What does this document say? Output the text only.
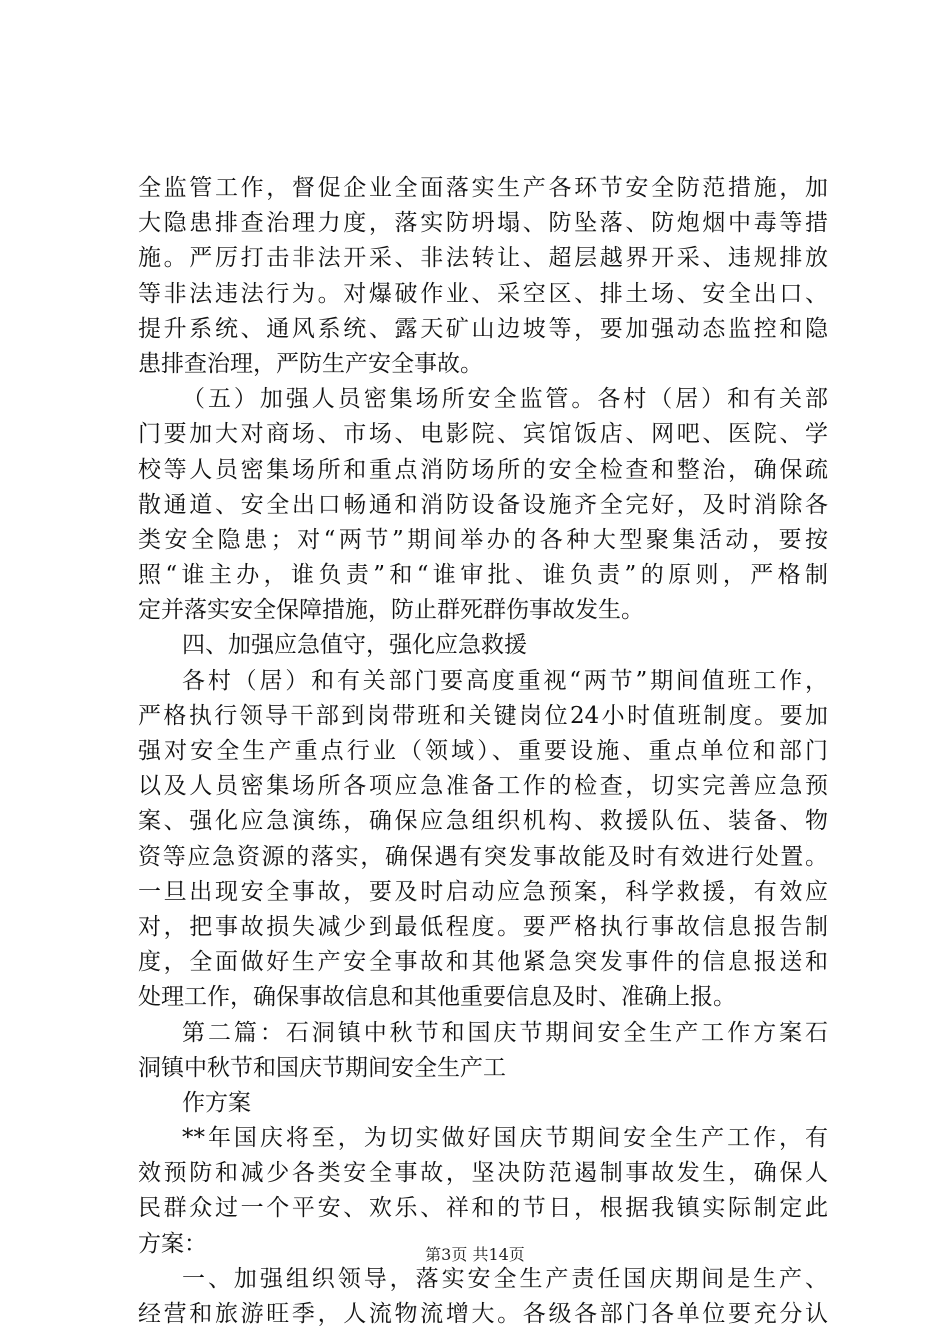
全监管工作，督促企业全面落实生产各环节安全防范措施，加
大隐患排查治理力度，落实防坍塌、防坠落、防炮烟中毒等措
施。严厉打击非法开采、非法转让、超层越界开采、违规排放
等非法违法行为。对爆破作业、采空区、排土场、安全出口、
提升系统、通风系统、露天矿山边坡等，要加强动态监控和隐
患排查治理，严防生产安全事故。
（五）加强人员密集场所安全监管。各村（居）和有关部
门要加大对商场、市场、电影院、宾馆饭店、网吧、医院、学
校等人员密集场所和重点消防场所的安全检查和整治，确保疏
散通道、安全出口畅通和消防设备设施齐全完好，及时消除各
类安全隐患；对“两节”期间举办的各种大型聚集活动，要按
照“谁主办，谁负责”和“谁审批、谁负责”的原则，严格制
定并落实安全保障措施，防止群死群伤事故发生。
四、加强应急值守，强化应急救援
各村（居）和有关部门要高度重视“两节”期间值班工作，
严格执行领导干部到岗带班和关键岗位24小时值班制度。要加
强对安全生产重点行业（领域）、重要设施、重点单位和部门
以及人员密集场所各项应急准备工作的检查，切实完善应急预
案、强化应急演练，确保应急组织机构、救援队伍、装备、物
资等应急资源的落实，确保遇有突发事故能及时有效进行处置。
一旦出现安全事故，要及时启动应急预案，科学救援，有效应
对，把事故损失减少到最低程度。要严格执行事故信息报告制
度，全面做好生产安全事故和其他紧急突发事件的信息报送和
处理工作，确保事故信息和其他重要信息及时、准确上报。
第二篇：石洞镇中秋节和国庆节期间安全生产工作方案石
洞镇中秋节和国庆节期间安全生产工
作方案
**年国庆将至，为切实做好国庆节期间安全生产工作，有
效预防和减少各类安全事故，坚决防范遏制事故发生，确保人
民群众过一个平安、欢乐、祥和的节日，根据我镇实际制定此
方案：
一、加强组织领导，落实安全生产责任国庆期间是生产、
经营和旅游旺季，人流物流增大。各级各部门各单位要充分认
第3页 共14页
